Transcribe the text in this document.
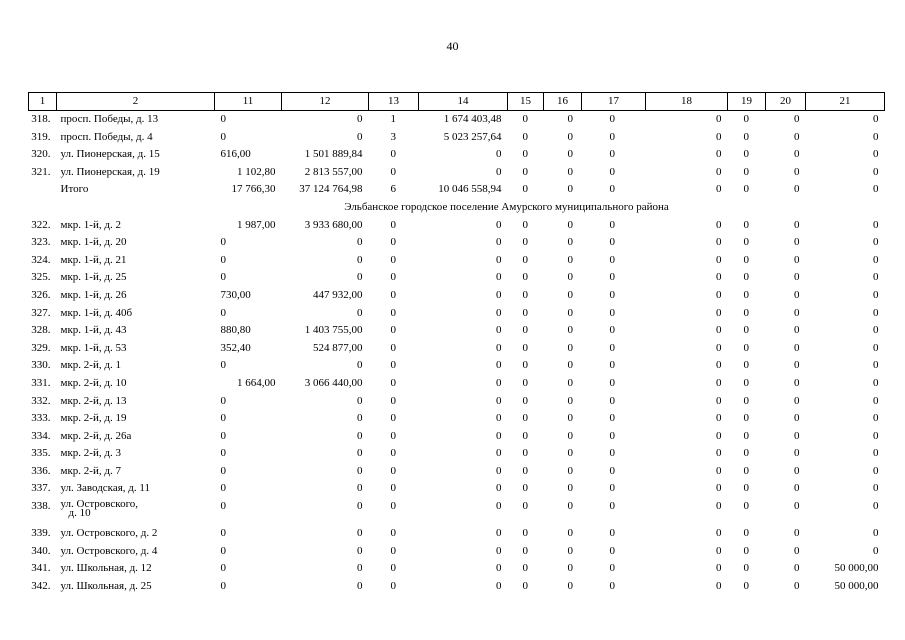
40
1	2	11	12	13	14	15	16	17	18	19	20	21
318.	просп. Победы, д. 13	0	0	1	1 674 403,48	0	0	0	0	0	0	0
319.	просп. Победы, д. 4	0	0	3	5 023 257,64	0	0	0	0	0	0	0
320.	ул. Пионерская, д. 15	616,00	1 501 889,84	0	0	0	0	0	0	0	0	0
321.	ул. Пионерская, д. 19	1 102,80	2 813 557,00	0	0	0	0	0	0	0	0	0
	Итого	17 766,30	37 124 764,98	6	10 046 558,94	0	0	0	0	0	0	0
Эльбанское городское поселение Амурского муниципального района												
322.	мкр. 1-й, д. 2	1 987,00	3 933 680,00	0	0	0	0	0	0	0	0	0
323.	мкр. 1-й, д. 20	0	0	0	0	0	0	0	0	0	0	0
324.	мкр. 1-й, д. 21	0	0	0	0	0	0	0	0	0	0	0
325.	мкр. 1-й, д. 25	0	0	0	0	0	0	0	0	0	0	0
326.	мкр. 1-й, д. 26	730,00	447 932,00	0	0	0	0	0	0	0	0	0
327.	мкр. 1-й, д. 40б	0	0	0	0	0	0	0	0	0	0	0
328.	мкр. 1-й, д. 43	880,80	1 403 755,00	0	0	0	0	0	0	0	0	0
329.	мкр. 1-й, д. 53	352,40	524 877,00	0	0	0	0	0	0	0	0	0
330.	мкр. 2-й, д. 1	0	0	0	0	0	0	0	0	0	0	0
331.	мкр. 2-й, д. 10	1 664,00	3 066 440,00	0	0	0	0	0	0	0	0	0
332.	мкр. 2-й, д. 13	0	0	0	0	0	0	0	0	0	0	0
333.	мкр. 2-й, д. 19	0	0	0	0	0	0	0	0	0	0	0
334.	мкр. 2-й, д. 26а	0	0	0	0	0	0	0	0	0	0	0
335.	мкр. 2-й, д. 3	0	0	0	0	0	0	0	0	0	0	0
336.	мкр. 2-й, д. 7	0	0	0	0	0	0	0	0	0	0	0
337.	ул. Заводская, д. 11	0	0	0	0	0	0	0	0	0	0	0
338.	ул. Островского,
д. 10	0	0	0	0	0	0	0	0	0	0	0
339.	ул. Островского, д. 2	0	0	0	0	0	0	0	0	0	0	0
340.	ул. Островского, д. 4	0	0	0	0	0	0	0	0	0	0	0
341.	ул. Школьная, д. 12	0	0	0	0	0	0	0	0	0	0	50 000,00
342.	ул. Школьная, д. 25	0	0	0	0	0	0	0	0	0	0	50 000,00
